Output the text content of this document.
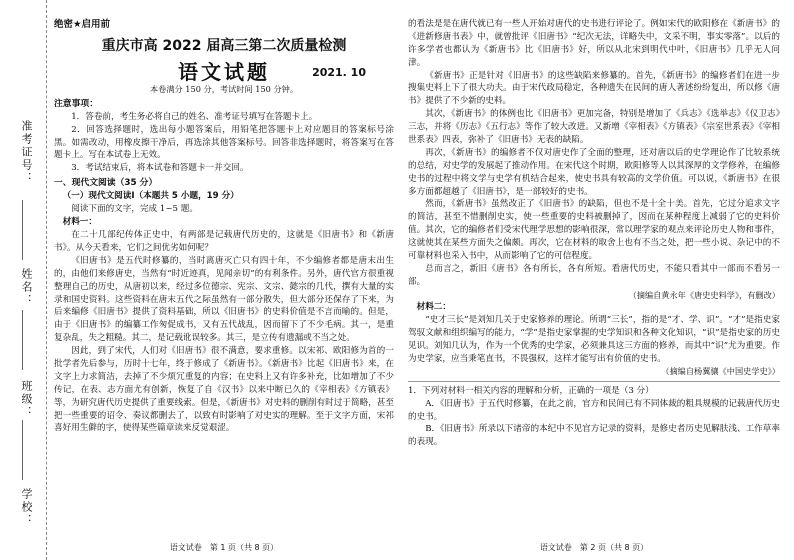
准考证号：
姓名：
班级：
学校：
绝密★启用前
重庆市高 2022 届高三第二次质量检测
语文试题	2021. 10
本卷满分 150 分，考试时间 150 分钟。
注意事项：

1．答卷前，考生务必将自己的姓名、准考证号填写在答题卡上。

2．回答选择题时，选出每小题答案后，用铅笔把答题卡上对应题目的答案标号涂黑。如需改动，用橡皮擦干净后，再选涂其他答案标号。回答非选择题时，将答案写在答题卡上。写在本试卷上无效。

3．考试结束后，将本试卷和答题卡一并交回。

一、现代文阅读（35 分）
（一）现代文阅读Ⅰ（本题共 5 小题，19 分）

阅读下面的文字，完成 1~5 题。

材料一：

在二十几部纪传体正史中，有两部是记载唐代历史的，这就是《旧唐书》和《新唐书》。从今天看来，它们之间优劣如何呢？

《旧唐书》是五代时修纂的，当时离唐灭亡只有四十年，不少编修者都是唐末出生的，由他们来修唐史，当然有“时近迹真，见闻亲切”的有利条件。另外，唐代官方很重视整理自己的历史，从唐初以来，经过多位德宗、宪宗、文宗、懿宗的几代，撰有大量的实录和国史资料。这些资料在唐末五代之际虽然有一部分散失，但大部分还保存了下来，为后来编修《旧唐书》提供了资料基础，所以《旧唐书》的史料价值是不言而喻的。但是，由于《旧唐书》的编纂工作匆促成书，又有五代战乱，因而留下了不少毛病。其一，是重复杂乱，失之粗糙。其二，是记载讹误较多。其三，是立传有遗漏或不当之处。

因此，到了宋代，人们对《旧唐书》很不满意，要求重修。以宋祁、欧阳修为首的一批学者先后参与，历时十七年，终于修成了《新唐书》。《新唐书》比起《旧唐书》来，在文字上力求简洁，去掉了不少烦冗重复的内容；在史料上又有许多补充，比如增加了不少传记，在表、志方面尤有创新，恢复了自《汉书》以来中断已久的《宰相表》《方镇表》等，为研究唐代历史提供了重要线索。但是，《新唐书》对史料的删削有时过于简略，甚至把一些重要的诏令、奏议都删去了，以致有时影响了对史实的理解。至于文字方面，宋祁喜好用生僻的字，使得某些篇章读来反觉艰涩。

语文试卷　第 1 页（共 8 页）

的看法是是在唐代就已有一些人开始对唐代的史书进行评论了。例如宋代的欧阳修在《新唐书》的《进新修唐书表》中，就曾批评《旧唐书》“纪次无法，详略失中，文采不明，事实零落”。以后的许多学者也都认为《新唐书》比《旧唐书》好，所以从北宋到明代中叶，《旧唐书》几乎无人问津。

《新唐书》正是针对《旧唐书》的这些缺陷来修纂的。首先，《新唐书》的编修者们在进一步搜集史料上下了很大功夫。由于宋代政局稳定，各种遗失在民间的唐人著述纷纷复出，所以修《唐书》提供了不少新的史料。

其次，《新唐书》的体例也比《旧唐书》更加完备，特别是增加了《兵志》《选举志》《仪卫志》三志，并将《历志》《五行志》等作了较大改进。又新增《宰相表》《方镇表》《宗室世系表》《宰相世系表》四表，弥补了《旧唐书》无表的缺陷。

再次，《新唐书》的编修者不仅对唐史作了全面的整理，还对唐以后的史学理论作了比较系统的总结，对史学的发展起了推动作用。在宋代这个时期，欧阳修等人以其深厚的文学修养，在编修史书的过程中将文学与史学有机结合起来，使史书具有较高的文学价值。可以说，《新唐书》在很多方面都超越了《旧唐书》，是一部较好的史书。

然而，《新唐书》虽然改正了《旧唐书》的缺陷，但也不是十全十美。首先，它过分追求文字的简洁，甚至不惜删削史实，使一些重要的史料被删掉了，因而在某种程度上减弱了它的史料价值。其次，它的编修者们受宋代理学思想的影响很深，常以理学家的观点来评论历史人物和事件，这就使其在某些方面失之偏颇。再次，它在材料的取舍上也有不当之处，把一些小说、杂记中的不可靠材料也采入书中，从而影响了它的可信程度。

总而言之，新旧《唐书》各有所长，各有所短。看唐代历史，不能只看其中一部而不看另一部。

（摘编自黄永年《唐史史料学》，有删改）
材料二：

“史才三长”是刘知几关于史家修养的理论。所谓“三长”，指的是“才、学、识”。“才”是指史家驾驭文献和组织编写的能力，“学”是指史家掌握的史学知识和各种文化知识，“识”是指史家的历史见识。刘知几认为，作为一个优秀的史学家，必须兼具这三方面的修养，而其中“识”尤为重要。作为史学家，应当秉笔直书，不畏强权，这样才能写出有价值的史书。

（摘编自杨翼骧《中国史学史》）

1．下列对材料一相关内容的理解和分析，正确的一项是（3 分）

A．《旧唐书》于五代时修纂，在此之前，官方和民间已有不同体裁的粗具规模的记载唐代历史的史书。

B．《旧唐书》所录以下诸帝的本纪中不见官方记录的资料，是修史者历史见解肤浅、工作草率的表现。

语文试卷　第 2 页（共 8 页）
